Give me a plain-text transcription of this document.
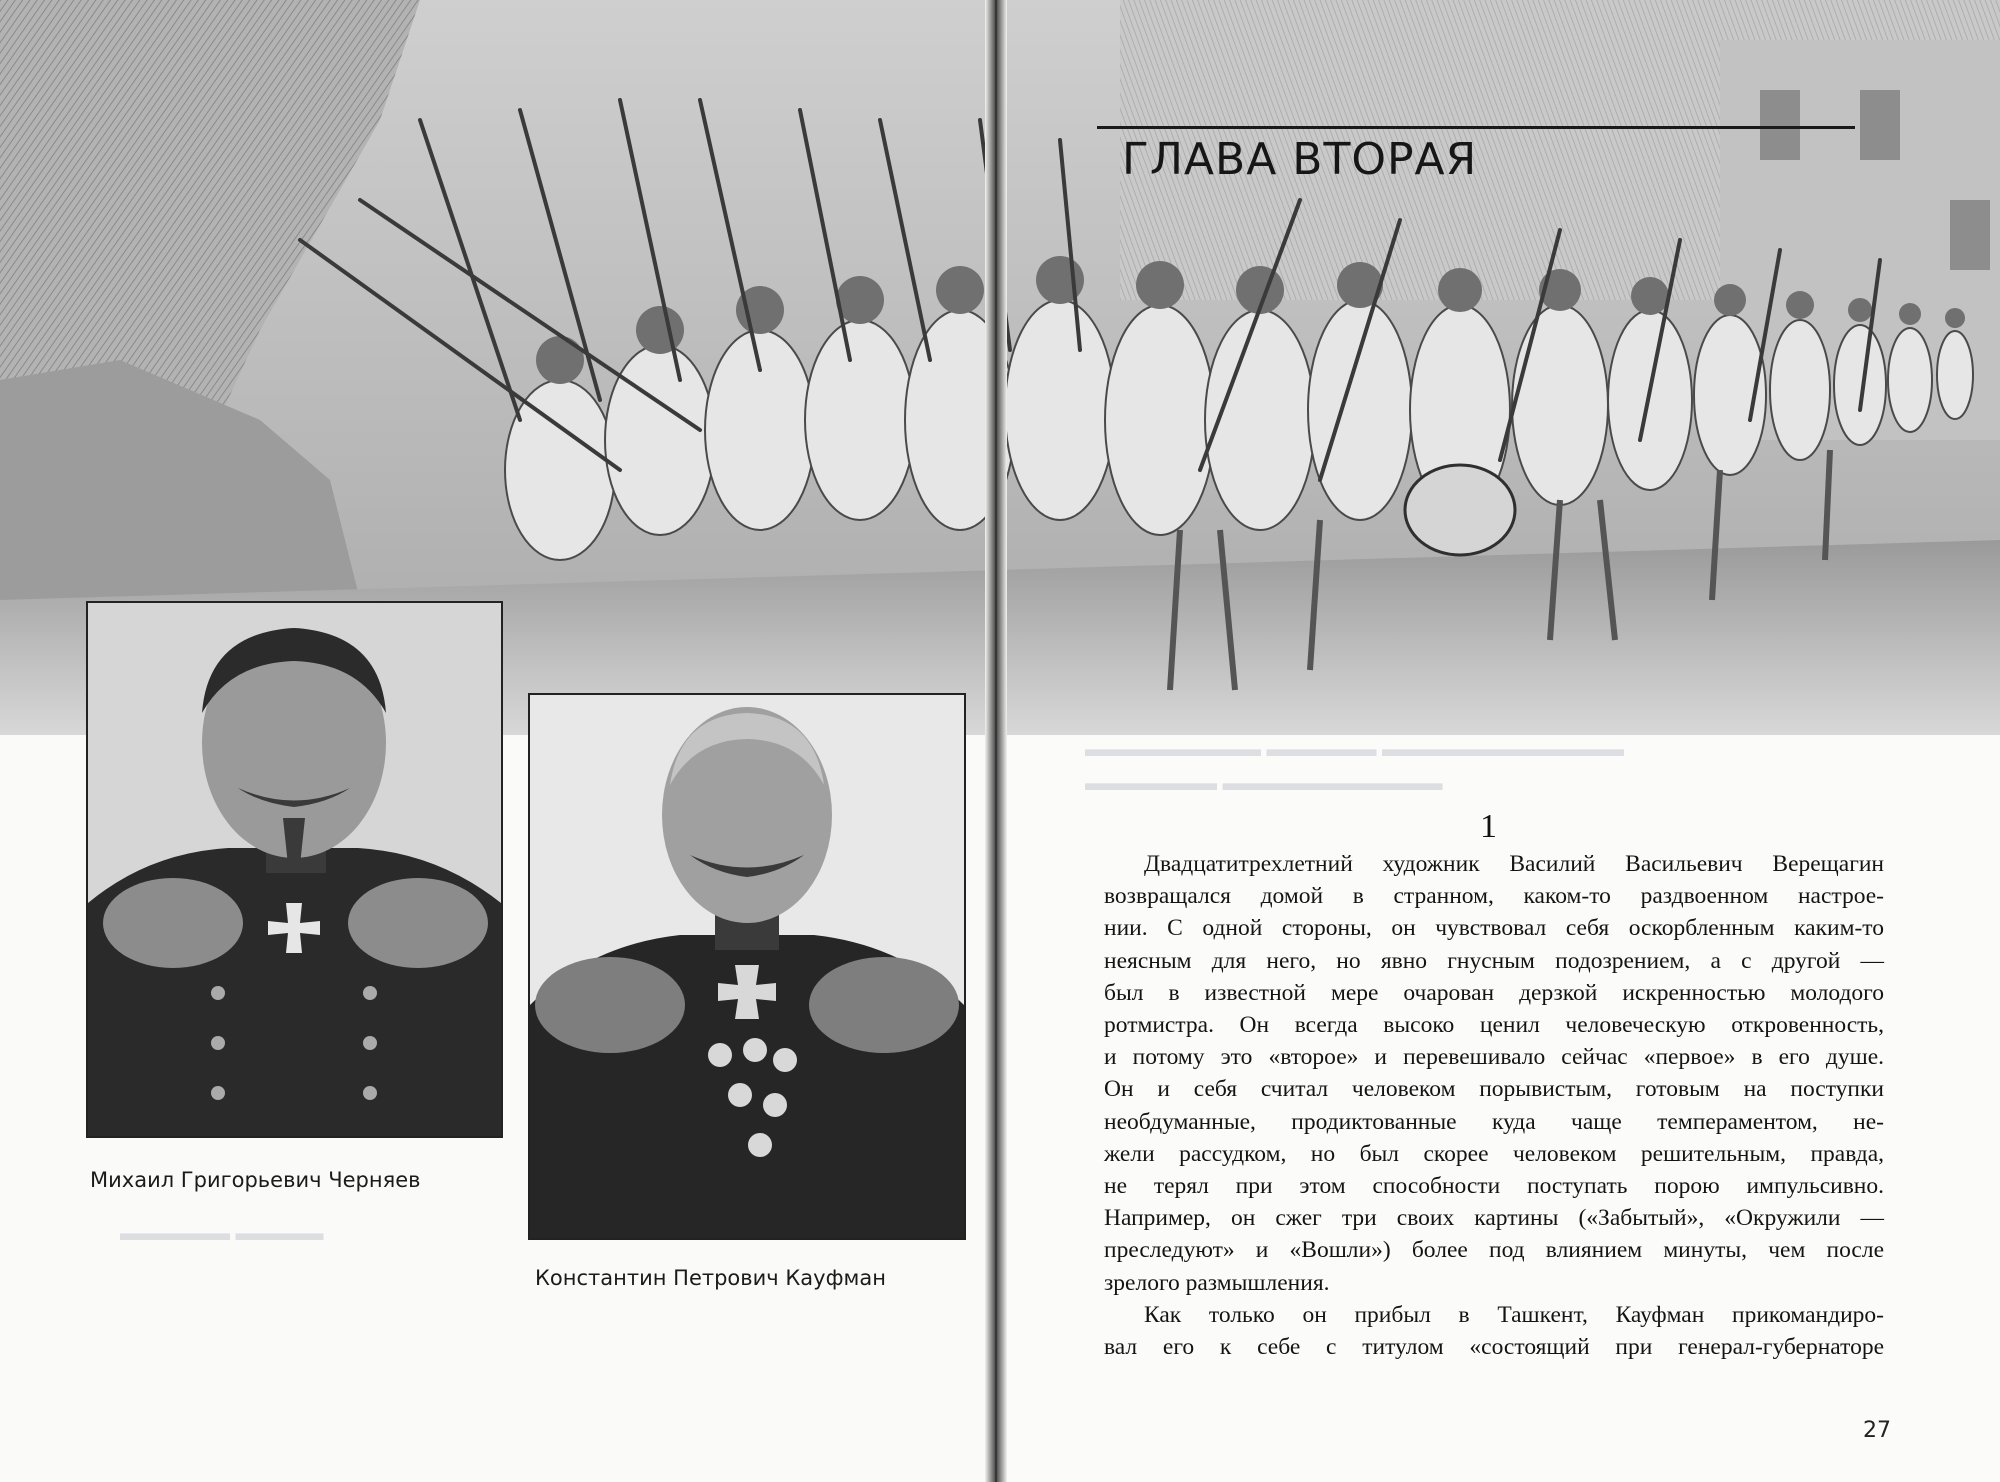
▬▬▬▬▬▬▬▬ ▬▬▬▬▬ ▬▬▬▬▬▬▬▬▬▬▬
▬▬▬▬▬▬ ▬▬▬▬▬▬▬▬▬▬
▬▬▬▬▬ ▬▬▬▬
ГЛАВА ВТОРАЯ
Михаил Григорьевич Черняев
Константин Петрович Кауфман
1

Двадцатитрехлетний художник Василий Васильевич Верещагин
возвращался домой в странном, каком-то раздвоенном настрое-
нии. С одной стороны, он чувствовал себя оскорбленным каким-то
неясным для него, но явно гнусным подозрением, а с другой —
был в известной мере очарован дерзкой искренностью молодого
ротмистра. Он всегда высоко ценил человеческую откровенность,
и потому это «второе» и перевешивало сейчас «первое» в его душе.
Он и себя считал человеком порывистым, готовым на поступки
необдуманные, продиктованные куда чаще темпераментом, не-
жели рассудком, но был скорее человеком решительным, правда,
не терял при этом способности поступать порою импульсивно.
Например, он сжег три своих картины («Забытый», «Окружили —
преследуют» и «Вошли») более под влиянием минуты, чем после
зрелого размышления.

Как только он прибыл в Ташкент, Кауфман прикомандиро-
вал его к себе с титулом «состоящий при генерал-губернаторе

27
